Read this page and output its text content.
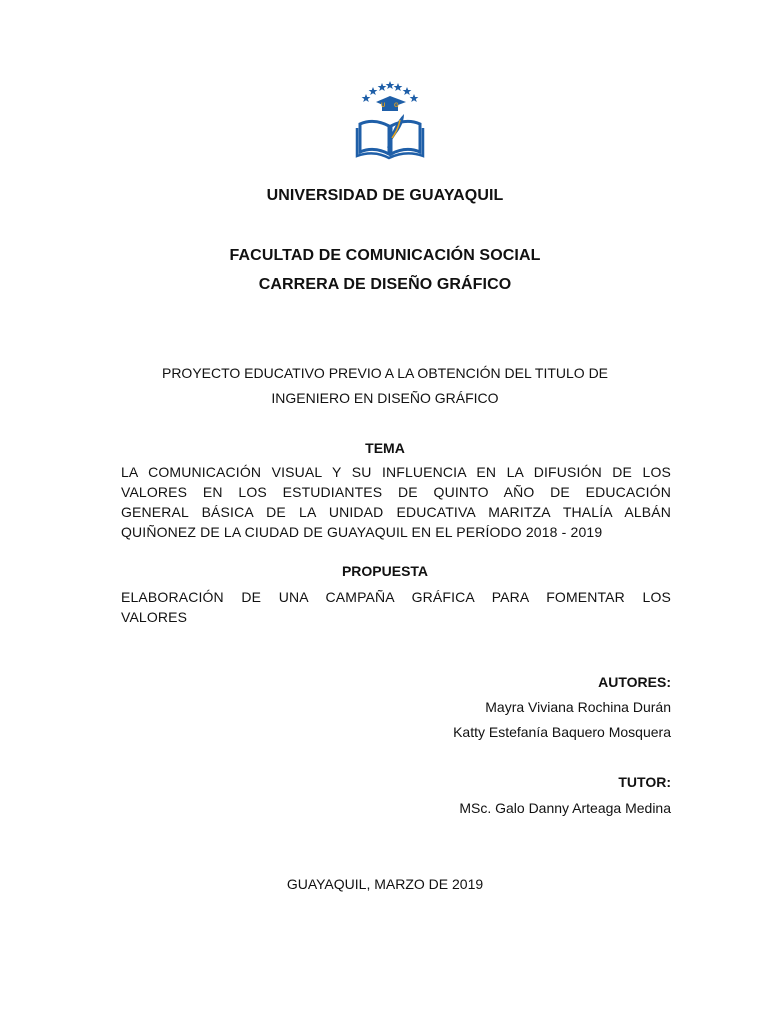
U G
UNIVERSIDAD DE GUAYAQUIL
FACULTAD DE COMUNICACIÓN SOCIAL
CARRERA DE DISEÑO GRÁFICO
PROYECTO EDUCATIVO PREVIO A LA OBTENCIÓN DEL TITULO DE
INGENIERO EN DISEÑO GRÁFICO
TEMA
LA COMUNICACIÓN VISUAL Y SU INFLUENCIA EN LA DIFUSIÓN DE LOS
VALORES EN LOS ESTUDIANTES DE QUINTO AÑO DE EDUCACIÓN
GENERAL BÁSICA DE LA UNIDAD EDUCATIVA MARITZA THALÍA ALBÁN
QUIÑONEZ DE LA CIUDAD DE GUAYAQUIL EN EL PERÍODO 2018 - 2019
PROPUESTA
ELABORACIÓN DE UNA CAMPAÑA GRÁFICA PARA FOMENTAR LOS
VALORES
AUTORES:
Mayra Viviana Rochina Durán
Katty Estefanía Baquero Mosquera
TUTOR:
MSc. Galo Danny Arteaga Medina
GUAYAQUIL, MARZO DE 2019
